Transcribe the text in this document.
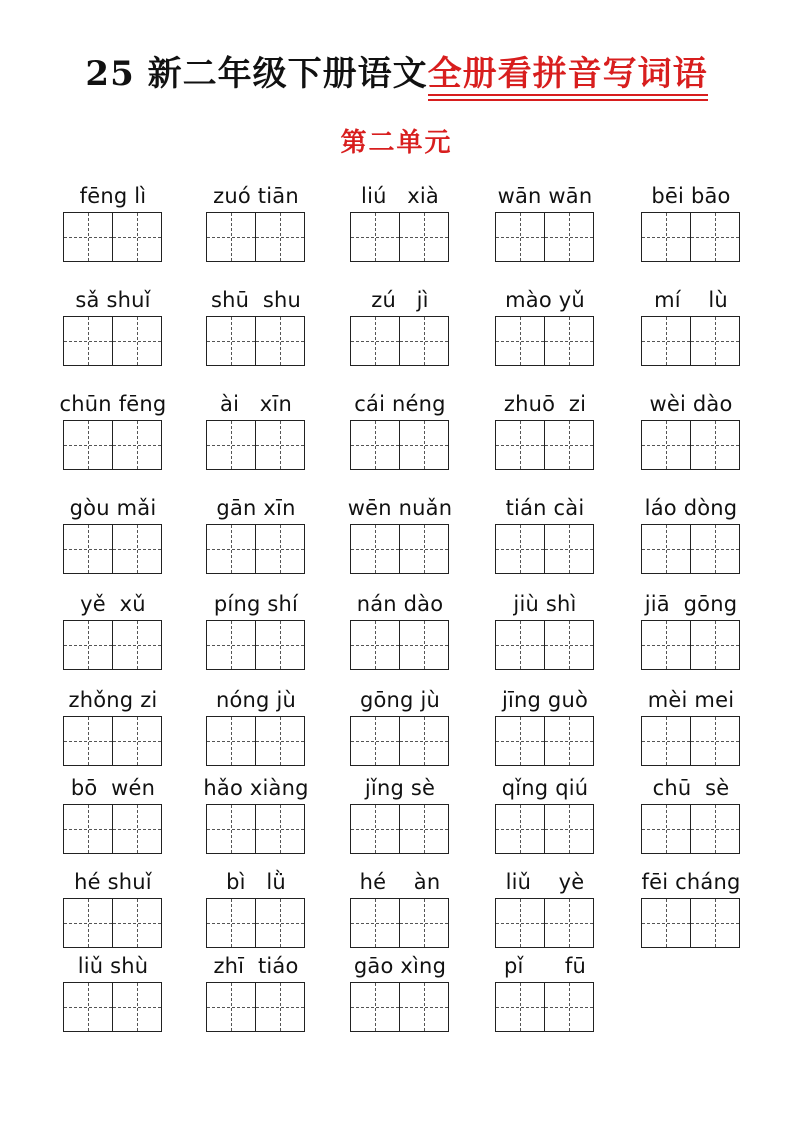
25 新二年级下册语文全册看拼音写词语
第二单元
fēng lì	zuó tiān	liú   xià	wān wān	bēi bāo
sǎ shuǐ	shū  shu	zú   jì	mào yǔ	mí    lù
chūn fēng	ài   xīn	cái néng	zhuō  zi	wèi dào
gòu mǎi	gān xīn	wēn nuǎn	tián cài	láo dòng
yě  xǔ	píng shí	nán dào	jiù shì	jiā  gōng
zhǒng zi	nóng jù	gōng jù	jīng guò	mèi mei
bō  wén	hǎo xiàng	jǐng sè	qǐng qiú	chū  sè
hé shuǐ	bì   lǜ	hé    àn	liǔ    yè	fēi cháng
liǔ shù	zhī  tiáo	gāo xìng	pǐ      fū
